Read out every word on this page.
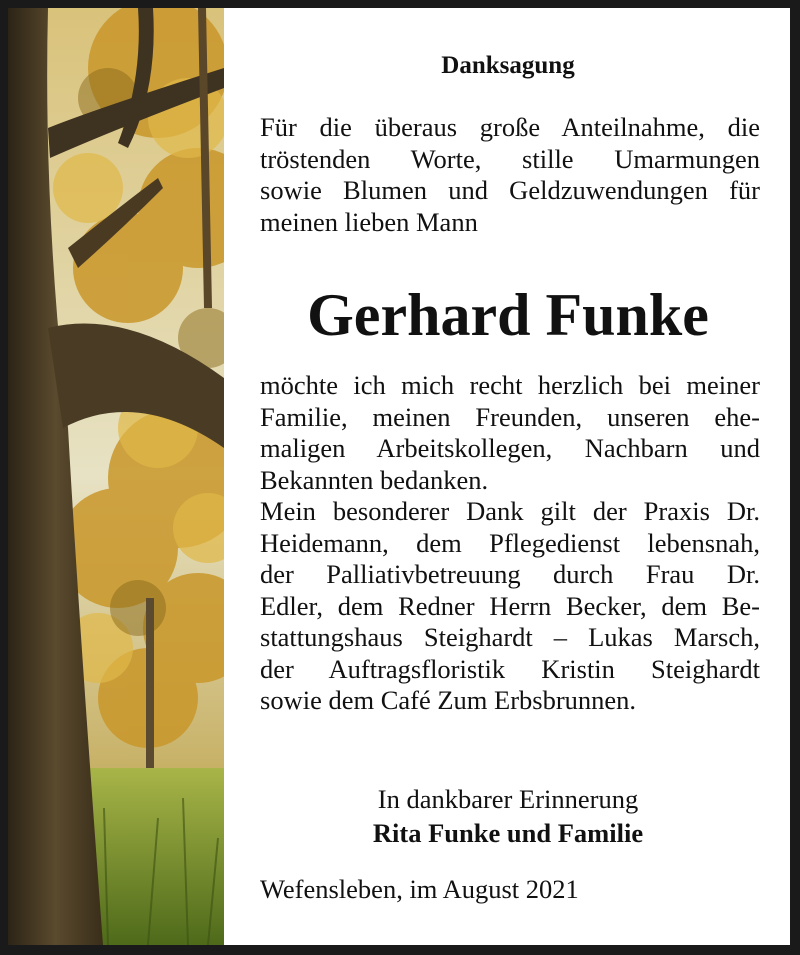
Danksagung
Für die überaus große Anteilnahme, die
tröstenden Worte, stille Umarmungen
sowie Blumen und Geldzuwendungen für
meinen lieben Mann
Gerhard Funke
möchte ich mich recht herzlich bei meiner
Familie, meinen Freunden, unseren ehe-
maligen Arbeitskollegen, Nachbarn und
Bekannten bedanken.
Mein besonderer Dank gilt der Praxis Dr.
Heidemann, dem Pflegedienst lebensnah,
der Palliativbetreuung durch Frau Dr.
Edler, dem Redner Herrn Becker, dem Be-
stattungshaus Steighardt – Lukas Marsch,
der Auftragsfloristik Kristin Steighardt
sowie dem Café Zum Erbsbrunnen.
In dankbarer Erinnerung
Rita Funke und Familie
Wefensleben, im August 2021
